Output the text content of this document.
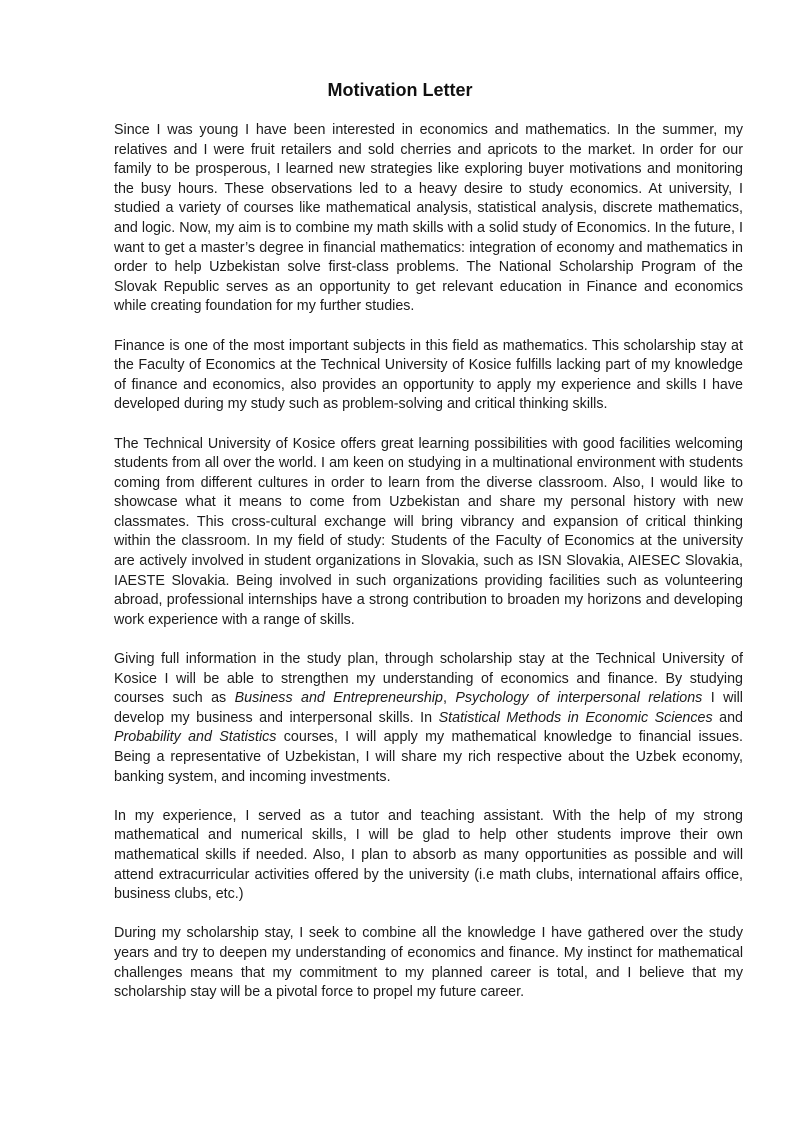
Motivation Letter

Since I was young I have been interested in economics and mathematics. In the summer, my relatives and I were fruit retailers and sold cherries and apricots to the market. In order for our family to be prosperous, I learned new strategies like exploring buyer motivations and monitoring the busy hours. These observations led to a heavy desire to study economics. At university, I studied a variety of courses like mathematical analysis, statistical analysis, discrete mathematics, and logic. Now, my aim is to combine my math skills with a solid study of Economics. In the future, I want to get a master’s degree in financial mathematics: integration of economy and mathematics in order to help Uzbekistan solve first-class problems. The National Scholarship Program of the Slovak Republic serves as an opportunity to get relevant education in Finance and economics while creating foundation for my further studies.

Finance is one of the most important subjects in this field as mathematics. This scholarship stay at the Faculty of Economics at the Technical University of Kosice fulfills lacking part of my knowledge of finance and economics, also provides an opportunity to apply my experience and skills I have developed during my study such as problem-solving and critical thinking skills.

The Technical University of Kosice offers great learning possibilities with good facilities welcoming students from all over the world. I am keen on studying in a multinational environment with students coming from different cultures in order to learn from the diverse classroom. Also, I would like to showcase what it means to come from Uzbekistan and share my personal history with new classmates. This cross-cultural exchange will bring vibrancy and expansion of critical thinking within the classroom. In my field of study: Students of the Faculty of Economics at the university are actively involved in student organizations in Slovakia, such as ISN Slovakia, AIESEC Slovakia, IAESTE Slovakia. Being involved in such organizations providing facilities such as volunteering abroad, professional internships have a strong contribution to broaden my horizons and developing work experience with a range of skills.

Giving full information in the study plan, through scholarship stay at the Technical University of Kosice I will be able to strengthen my understanding of economics and finance. By studying courses such as Business and Entrepreneurship, Psychology of interpersonal relations I will develop my business and interpersonal skills. In Statistical Methods in Economic Sciences and Probability and Statistics courses, I will apply my mathematical knowledge to financial issues. Being a representative of Uzbekistan, I will share my rich respective about the Uzbek economy, banking system, and incoming investments.

In my experience, I served as a tutor and teaching assistant. With the help of my strong mathematical and numerical skills, I will be glad to help other students improve their own mathematical skills if needed. Also, I plan to absorb as many opportunities as possible and will attend extracurricular activities offered by the university (i.e math clubs, international affairs office, business clubs, etc.)

During my scholarship stay, I seek to combine all the knowledge I have gathered over the study years and try to deepen my understanding of economics and finance. My instinct for mathematical challenges means that my commitment to my planned career is total, and I believe that my scholarship stay will be a pivotal force to propel my future career.
